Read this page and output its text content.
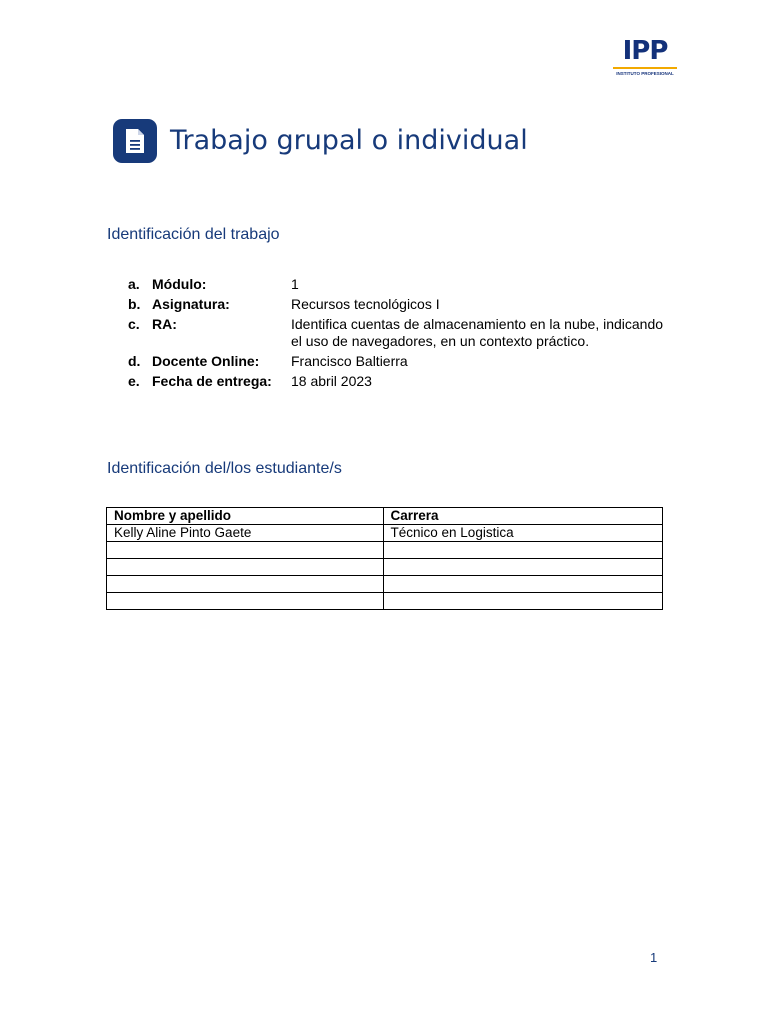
IPP
INSTITUTO PROFESIONAL
Trabajo grupal o individual
Identificación del trabajo
a. Módulo:	1
b. Asignatura:	Recursos tecnológicos I
c. RA:	Identifica cuentas de almacenamiento en la nube, indicando el uso de navegadores, en un contexto práctico.
d. Docente Online:	Francisco Baltierra
e. Fecha de entrega:	18 abril 2023
Identificación del/los estudiante/s
Nombre y apellido	Carrera
Kelly Aline Pinto Gaete	Técnico en Logistica

1
